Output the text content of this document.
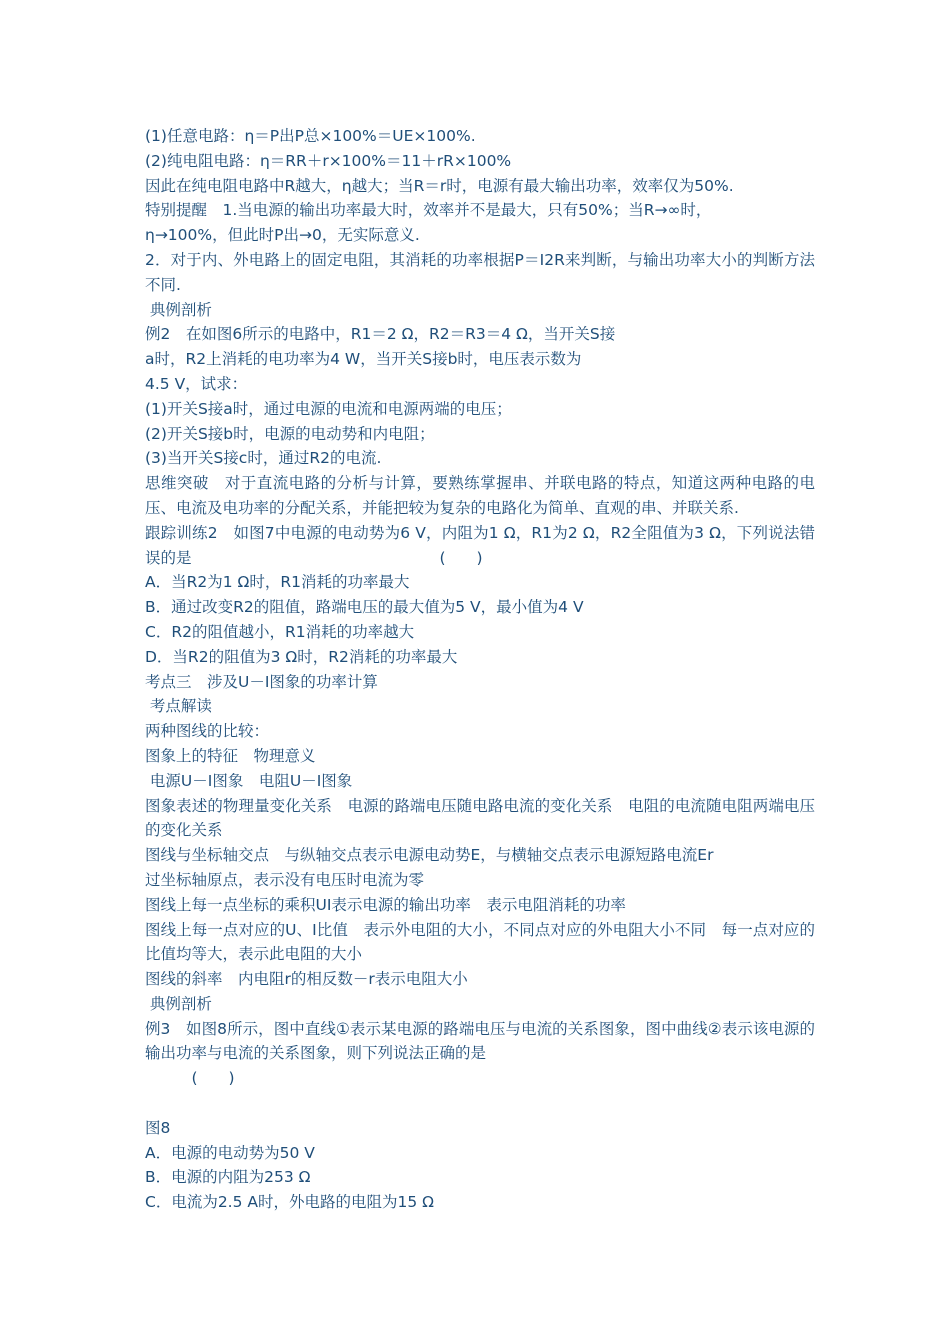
(1)任意电路：η＝P出P总×100%＝UE×100%.
(2)纯电阻电路：η＝RR＋r×100%＝11＋rR×100%
因此在纯电阻电路中R越大，η越大；当R＝r时，电源有最大输出功率，效率仅为50%.
特别提醒　1.当电源的输出功率最大时，效率并不是最大，只有50%；当R→∞时，
η→100%，但此时P出→0，无实际意义.
2．对于内、外电路上的固定电阻，其消耗的功率根据P＝I2R来判断，与输出功率大小的判断方法不同.
典例剖析
例2　在如图6所示的电路中，R1＝2 Ω，R2＝R3＝4 Ω，当开关S接
a时，R2上消耗的电功率为4 W，当开关S接b时，电压表示数为
4.5 V，试求：
(1)开关S接a时，通过电源的电流和电源两端的电压；
(2)开关S接b时，电源的电动势和内电阻；
(3)当开关S接c时，通过R2的电流.
思维突破　对于直流电路的分析与计算，要熟练掌握串、并联电路的特点，知道这两种电路的电压、电流及电功率的分配关系，并能把较为复杂的电路化为简单、直观的串、并联关系.
跟踪训练2　如图7中电源的电动势为6 V，内阻为1 Ω，R1为2 Ω，R2全阻值为3 Ω，下列说法错误的是　　　　　　　　　　　　　　　　(　　)
A．当R2为1 Ω时，R1消耗的功率最大
B．通过改变R2的阻值，路端电压的最大值为5 V，最小值为4 V
C．R2的阻值越小，R1消耗的功率越大
D．当R2的阻值为3 Ω时，R2消耗的功率最大
考点三　涉及U－I图象的功率计算
考点解读
两种图线的比较：
图象上的特征　物理意义
电源U－I图象　电阻U－I图象
图象表述的物理量变化关系　电源的路端电压随电路电流的变化关系　电阻的电流随电阻两端电压的变化关系
图线与坐标轴交点　与纵轴交点表示电源电动势E，与横轴交点表示电源短路电流Er
过坐标轴原点，表示没有电压时电流为零
图线上每一点坐标的乘积UI表示电源的输出功率　表示电阻消耗的功率
图线上每一点对应的U、I比值　表示外电阻的大小，不同点对应的外电阻大小不同　每一点对应的比值均等大，表示此电阻的大小
图线的斜率　内电阻r的相反数－r表示电阻大小
典例剖析
例3　如图8所示，图中直线①表示某电源的路端电压与电流的关系图象，图中曲线②表示该电源的输出功率与电流的关系图象，则下列说法正确的是
　　　(　　)
图8
A．电源的电动势为50 V
B．电源的内阻为253 Ω
C．电流为2.5 A时，外电路的电阻为15 Ω
